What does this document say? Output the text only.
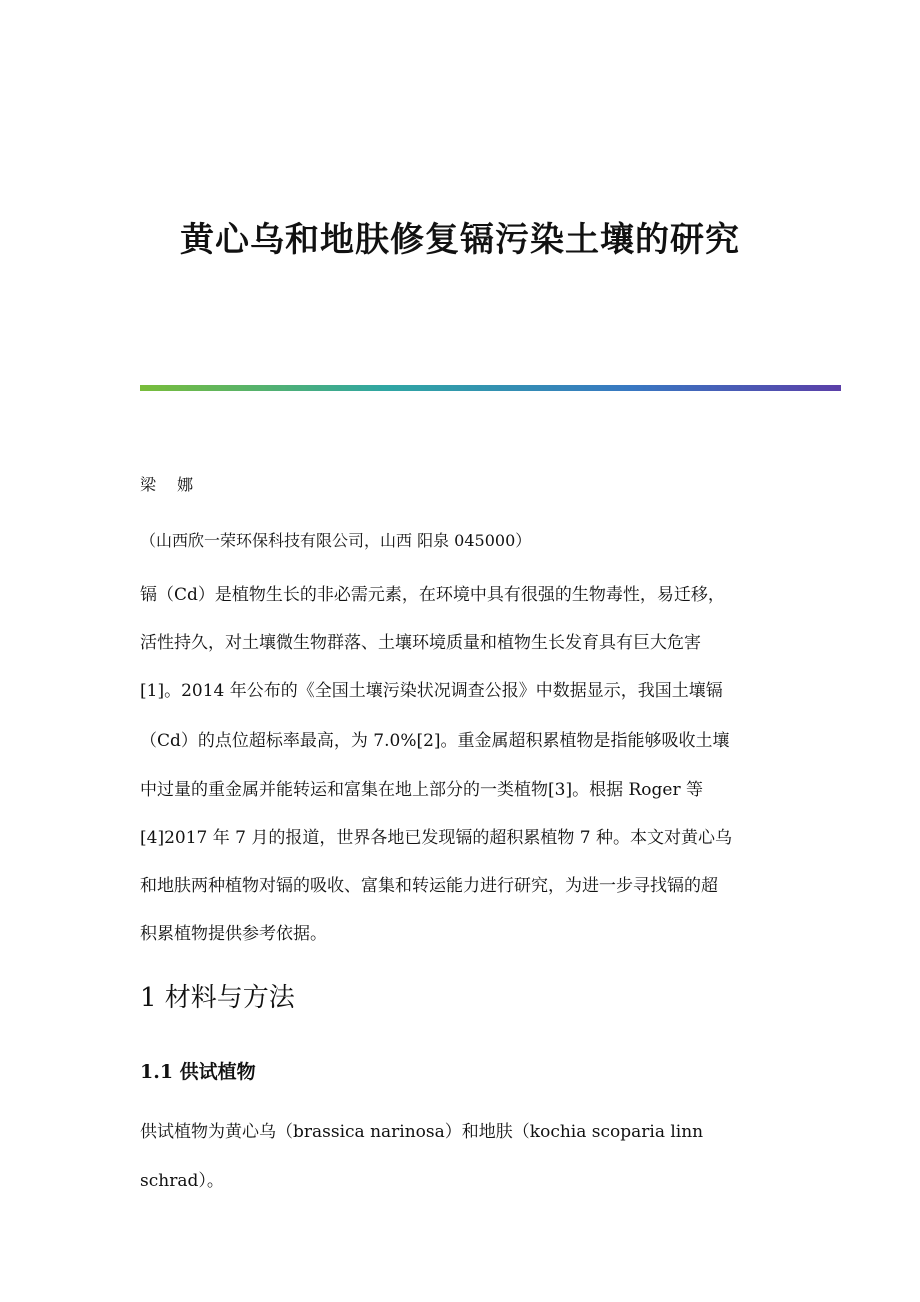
黄心乌和地肤修复镉污染土壤的研究
梁 娜
（山西欣一荣环保科技有限公司，山西 阳泉 045000）
镉（Cd）是植物生长的非必需元素，在环境中具有很强的生物毒性，易迁移，
活性持久，对土壤微生物群落、土壤环境质量和植物生长发育具有巨大危害
[1]。2014 年公布的《全国土壤污染状况调查公报》中数据显示，我国土壤镉
（Cd）的点位超标率最高，为 7.0%[2]。重金属超积累植物是指能够吸收土壤
中过量的重金属并能转运和富集在地上部分的一类植物[3]。根据 Roger 等
[4]2017 年 7 月的报道，世界各地已发现镉的超积累植物 7 种。本文对黄心乌
和地肤两种植物对镉的吸收、富集和转运能力进行研究，为进一步寻找镉的超
积累植物提供参考依据。
1 材料与方法
1.1 供试植物
供试植物为黄心乌（brassica narinosa）和地肤（kochia scoparia linn
schrad）。
